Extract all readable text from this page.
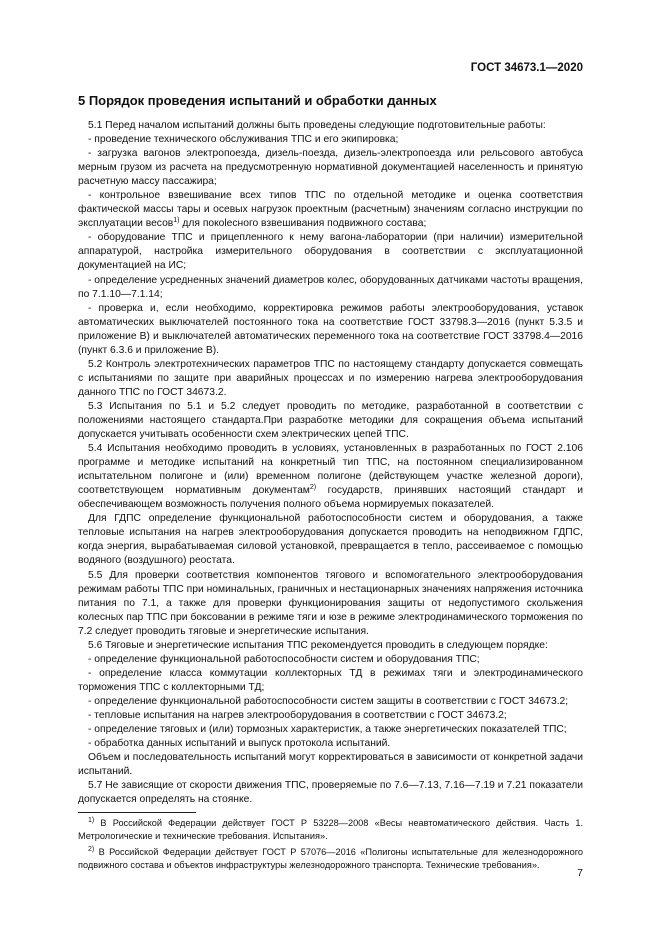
ГОСТ 34673.1—2020
5 Порядок проведения испытаний и обработки данных

5.1 Перед началом испытаний должны быть проведены следующие подготовительные работы:

- проведение технического обслуживания ТПС и его экипировка;

- загрузка вагонов электропоезда, дизель-поезда, дизель-электропоезда или рельсового автобуса мерным грузом из расчета на предусмотренную нормативной документацией населенность и принятую расчетную массу пассажира;

- контрольное взвешивание всех типов ТПС по отдельной методике и оценка соответствия фактической массы тары и осевых нагрузок проектным (расчетным) значениям согласно инструкции по эксплуатации весов$^{1)}$ для покolесного взвешивания подвижного состава;

- оборудование ТПС и прицепленного к нему вагона-лаборатории (при наличии) измерительной аппаратурой, настройка измерительного оборудования в соответствии с эксплуатационной документацией на ИС;

- определение усредненных значений диаметров колес, оборудованных датчиками частоты вращения, по 7.1.10—7.1.14;

- проверка и, если необходимо, корректировка режимов работы электрооборудования, уставок автоматических выключателей постоянного тока на соответствие ГОСТ 33798.3—2016 (пункт 5.3.5 и приложение В) и выключателей автоматических переменного тока на соответствие ГОСТ 33798.4—2016 (пункт 6.3.6 и приложение В).

5.2 Контроль электротехнических параметров ТПС по настоящему стандарту допускается совмещать с испытаниями по защите при аварийных процессах и по измерению нагрева электрооборудования данного ТПС по ГОСТ 34673.2.

5.3 Испытания по 5.1 и 5.2 следует проводить по методике, разработанной в соответствии с положениями настоящего стандарта.При разработке методики для сокращения объема испытаний допускается учитывать особенности схем электрических цепей ТПС.

5.4 Испытания необходимо проводить в условиях, установленных в разработанных по ГОСТ 2.106 программе и методике испытаний на конкретный тип ТПС, на постоянном специализированном испытательном полигоне и (или) временном полигоне (действующем участке железной дороги), соответствующем нормативным документам$^{2)}$ государств, принявших настоящий стандарт и обеспечивающем возможность получения полного объема нормируемых показателей.

Для ГДПС определение функциональной работоспособности систем и оборудования, а также тепловые испытания на нагрев электрооборудования допускается проводить на неподвижном ГДПС, когда энергия, вырабатываемая силовой установкой, превращается в тепло, рассеиваемое с помощью водяного (воздушного) реостата.

5.5 Для проверки соответствия компонентов тягового и вспомогательного электрооборудования режимам работы ТПС при номинальных, граничных и нестационарных значениях напряжения источника питания по 7.1, а также для проверки функционирования защиты от недопустимого скольжения колесных пар ТПС при боксовании в режиме тяги и юзе в режиме электродинамического торможения по 7.2 следует проводить тяговые и энергетические испытания.

5.6 Тяговые и энергетические испытания ТПС рекомендуется проводить в следующем порядке:

- определение функциональной работоспособности систем и оборудования ТПС;

- определение класса коммутации коллекторных ТД в режимах тяги и электродинамического торможения ТПС с коллекторными ТД;

- определение функциональной работоспособности систем защиты в соответствии с ГОСТ 34673.2;

- тепловые испытания на нагрев электрооборудования в соответствии с ГОСТ 34673.2;

- определение тяговых и (или) тормозных характеристик, а также энергетических показателей ТПС;

- обработка данных испытаний и выпуск протокола испытаний.

Объем и последовательность испытаний могут корректироваться в зависимости от конкретной задачи испытаний.

5.7 Не зависящие от скорости движения ТПС, проверяемые по 7.6—7.13, 7.16—7.19 и 7.21 показатели допускается определять на стоянке.

$^{1)}$ В Российской Федерации действует ГОСТ Р 53228—2008 «Весы неавтоматического действия. Часть 1. Метрологические и технические требования. Испытания».

$^{2)}$ В Российской Федерации действует ГОСТ Р 57076—2016 «Полигоны испытательные для железнодорожного подвижного состава и объектов инфраструктуры железнодорожного транспорта. Технические требования».

7
